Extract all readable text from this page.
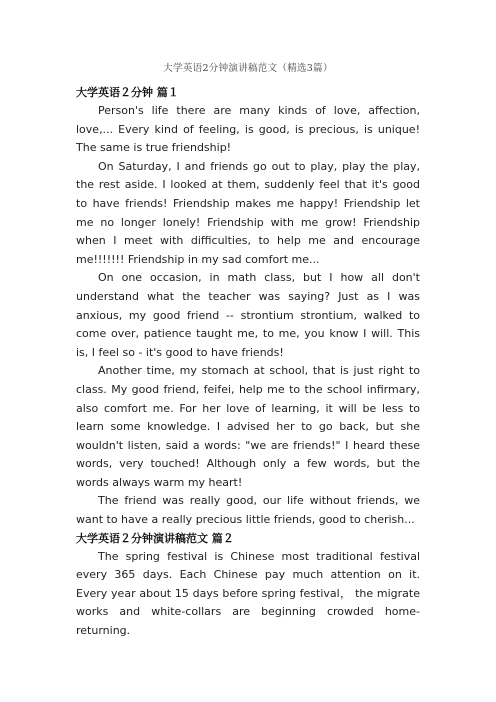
大学英语2分钟演讲稿范文（精选3篇）

大学英语２分钟 篇１

Person's life there are many kinds of love, affection, love,... Every kind of feeling, is good, is precious, is unique! The same is true friendship!

On Saturday, I and friends go out to play, play the play, the rest aside. I looked at them, suddenly feel that it's good to have friends! Friendship makes me happy! Friendship let me no longer lonely! Friendship with me grow! Friendship when I meet with difficulties, to help me and encourage me!!!!!!! Friendship in my sad comfort me...

On one occasion, in math class, but I how all don't understand what the teacher was saying? Just as I was anxious, my good friend -- strontium strontium, walked to come over, patience taught me, to me, you know I will. This is, I feel so - it's good to have friends!

Another time, my stomach at school, that is just right to class. My good friend, feifei, help me to the school infirmary, also comfort me. For her love of learning, it will be less to learn some knowledge. I advised her to go back, but she wouldn't listen, said a words: "we are friends!" I heard these words, very touched! Although only a few words, but the words always warm my heart!

The friend was really good, our life without friends, we want to have a really precious little friends, good to cherish...

大学英语２分钟演讲稿范文 篇２

The spring festival is Chinese most traditional festival every 365 days. Each Chinese pay much attention on it. Every year about 15 days before spring festival， the migrate works and white-collars are beginning crowded home-returning.
